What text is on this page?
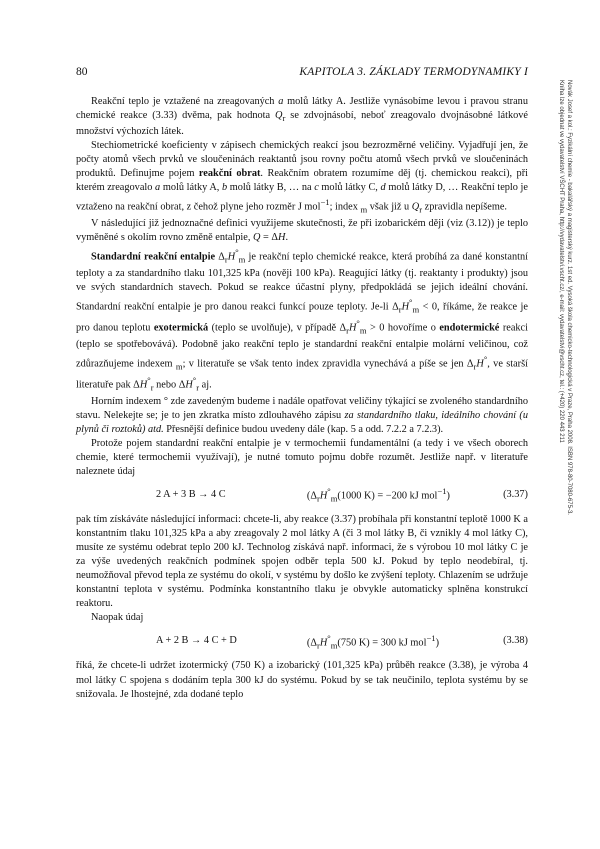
80	KAPITOLA 3. ZÁKLADY TERMODYNAMIKY I
Novák Josef a kol.: Fyzikální chemie - bakalářský a magisterský kurz. 1st ed. Vysoká škola chemicko-technologická v Praze, Praha 2008. ISBN 978-80-7080-675-3.
Kniha lze objednat ve vydavatelství VŠCHT Praha, http://vydavatelstvi.vscht.cz/, e-mail: vydavatelstvi@vscht.cz, tel.: (+420) 220 443 211

Reakční teplo je vztažené na zreagovaných a molů látky A. Jestliže vynásobíme levou i pravou stranu chemické reakce (3.33) dvěma, pak hodnota $Q_r$ se zdvojnásobí, neboť zreagovalo dvojnásobné látkové množství výchozích látek.

Stechiometrické koeficienty v zápisech chemických reakcí jsou bezrozměrné veličiny. Vyjadřují jen, že počty atomů všech prvků ve sloučeninách reaktantů jsou rovny počtu atomů všech prvků ve sloučeninách produktů. Definujme pojem reakční obrat. Reakčním obratem rozumíme děj (tj. chemickou reakci), při kterém zreagovalo a molů látky A, b molů látky B, … na c molů látky C, d molů látky D, … Reakční teplo je vztaženo na reakční obrat, z čehož plyne jeho rozměr J mol$^{-1}$; index $_m$ však již u $Q_r$ zpravidla nepíšeme.

V následující již jednoznačné definici využijeme skutečnosti, že při izobarickém ději (viz (3.12)) je teplo vyměněné s okolím rovno změně entalpie, Q = ΔH.

Standardní reakční entalpie $\Delta_rH^\circ_m$ je reakční teplo chemické reakce, která probíhá za dané konstantní teploty a za standardního tlaku 101,325 kPa (nověji 100 kPa). Reagující látky (tj. reaktanty i produkty) jsou ve svých standardních stavech. Pokud se reakce účastní plyny, předpokládá se jejich ideální chování. Standardní reakční entalpie je pro danou reakci funkcí pouze teploty. Je-li $\Delta_rH^\circ_m < 0$, říkáme, že reakce je pro danou teplotu exotermická (teplo se uvolňuje), v případě $\Delta_rH^\circ_m > 0$ hovoříme o endotermické reakci (teplo se spotřebovává). Podobně jako reakční teplo je standardní reakční entalpie molární veličinou, což zdůrazňujeme indexem $_m$; v literatuře se však tento index zpravidla vynechává a píše se jen $\Delta_rH^\circ$, ve starší literatuře pak $\Delta H^\circ_r$ nebo $\Delta H^\circ_r$ aj.

Horním indexem ° zde zavedeným budeme i nadále opatřovat veličiny týkající se zvoleného standardního stavu. Nelekejte se; je to jen zkratka místo zdlouhavého zápisu za standardního tlaku, ideálního chování (u plynů či roztoků) atd. Přesnější definice budou uvedeny dále (kap. 5 a odd. 7.2.2 a 7.2.3).

Protože pojem standardní reakční entalpie je v termochemii fundamentální (a tedy i ve všech oborech chemie, které termochemii využívají), je nutné tomuto pojmu dobře rozumět. Jestliže např. v literatuře naleznete údaj

2 A + 3 B → 4 C	($\Delta_rH^\circ_m(1000$ K) = −200 kJ mol$^{-1}$)	(3.37)

pak tím získáváte následující informaci: chcete-li, aby reakce (3.37) probíhala při konstantní teplotě 1000 K a konstantním tlaku 101,325 kPa a aby zreagovaly 2 mol látky A (či 3 mol látky B, či vznikly 4 mol látky C), musíte ze systému odebrat teplo 200 kJ. Technolog získává např. informaci, že s výrobou 10 mol látky C je za výše uvedených reakčních podmínek spojen odběr tepla 500 kJ. Pokud by teplo neodebíral, tj. neumožňoval převod tepla ze systému do okolí, v systému by došlo ke zvýšení teploty. Chlazením se udržuje konstantní teplota v systému. Podmínka konstantního tlaku je obvykle automaticky splněna konstrukcí reaktoru.

Naopak údaj

A + 2 B → 4 C + D	($\Delta_rH^\circ_m(750$ K) = 300 kJ mol$^{-1}$)	(3.38)

říká, že chcete-li udržet izotermický (750 K) a izobarický (101,325 kPa) průběh reakce (3.38), je výroba 4 mol látky C spojena s dodáním tepla 300 kJ do systému. Pokud by se tak neučinilo, teplota systému by se snižovala. Je lhostejné, zda dodané teplo
